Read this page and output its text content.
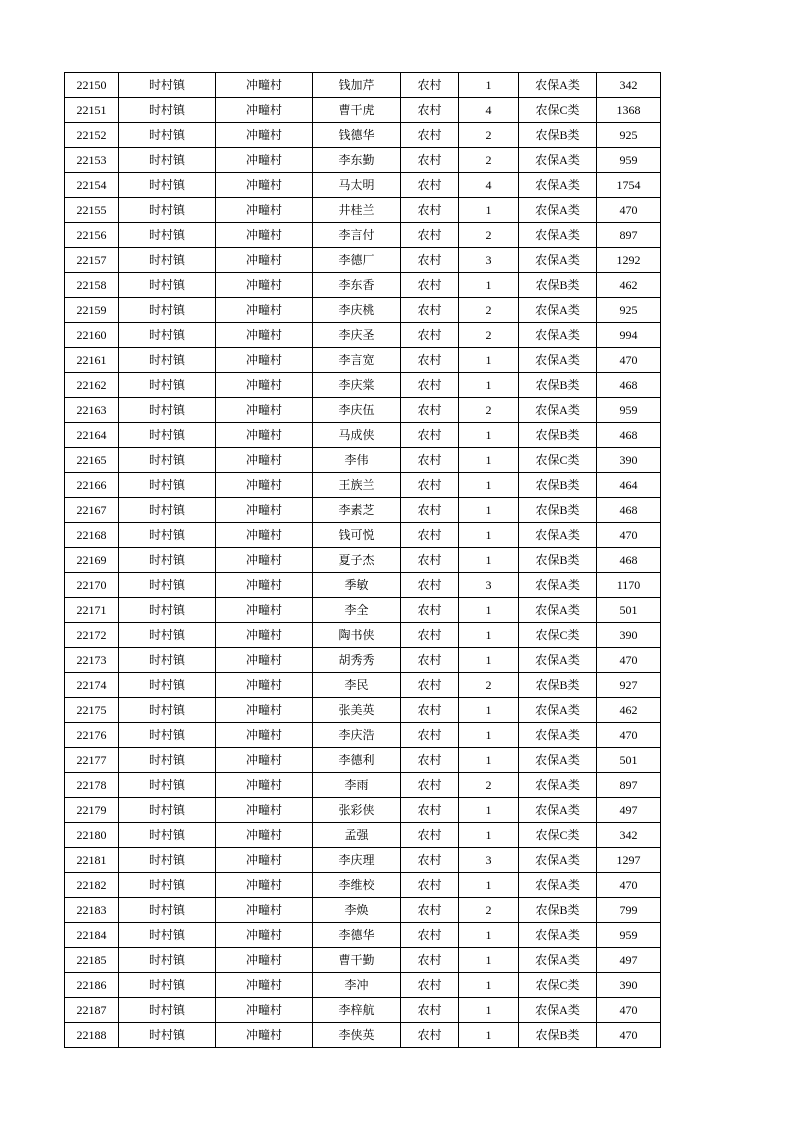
22150	时村镇	冲疃村	钱加芹	农村	1	农保A类	342
22151	时村镇	冲疃村	曹干虎	农村	4	农保C类	1368
22152	时村镇	冲疃村	钱德华	农村	2	农保B类	925
22153	时村镇	冲疃村	李东勤	农村	2	农保A类	959
22154	时村镇	冲疃村	马太明	农村	4	农保A类	1754
22155	时村镇	冲疃村	井桂兰	农村	1	农保A类	470
22156	时村镇	冲疃村	李言付	农村	2	农保A类	897
22157	时村镇	冲疃村	李德厂	农村	3	农保A类	1292
22158	时村镇	冲疃村	李东香	农村	1	农保B类	462
22159	时村镇	冲疃村	李庆桃	农村	2	农保A类	925
22160	时村镇	冲疃村	李庆圣	农村	2	农保A类	994
22161	时村镇	冲疃村	李言宽	农村	1	农保A类	470
22162	时村镇	冲疃村	李庆棠	农村	1	农保B类	468
22163	时村镇	冲疃村	李庆伍	农村	2	农保A类	959
22164	时村镇	冲疃村	马成侠	农村	1	农保B类	468
22165	时村镇	冲疃村	李伟	农村	1	农保C类	390
22166	时村镇	冲疃村	王族兰	农村	1	农保B类	464
22167	时村镇	冲疃村	李素芝	农村	1	农保B类	468
22168	时村镇	冲疃村	钱可悦	农村	1	农保A类	470
22169	时村镇	冲疃村	夏子杰	农村	1	农保B类	468
22170	时村镇	冲疃村	季敏	农村	3	农保A类	1170
22171	时村镇	冲疃村	李全	农村	1	农保A类	501
22172	时村镇	冲疃村	陶书侠	农村	1	农保C类	390
22173	时村镇	冲疃村	胡秀秀	农村	1	农保A类	470
22174	时村镇	冲疃村	李民	农村	2	农保B类	927
22175	时村镇	冲疃村	张美英	农村	1	农保A类	462
22176	时村镇	冲疃村	李庆浩	农村	1	农保A类	470
22177	时村镇	冲疃村	李德利	农村	1	农保A类	501
22178	时村镇	冲疃村	李雨	农村	2	农保A类	897
22179	时村镇	冲疃村	张彩侠	农村	1	农保A类	497
22180	时村镇	冲疃村	孟强	农村	1	农保C类	342
22181	时村镇	冲疃村	李庆理	农村	3	农保A类	1297
22182	时村镇	冲疃村	李维校	农村	1	农保A类	470
22183	时村镇	冲疃村	李焕	农村	2	农保B类	799
22184	时村镇	冲疃村	李德华	农村	1	农保A类	959
22185	时村镇	冲疃村	曹干勤	农村	1	农保A类	497
22186	时村镇	冲疃村	李冲	农村	1	农保C类	390
22187	时村镇	冲疃村	李梓航	农村	1	农保A类	470
22188	时村镇	冲疃村	李侠英	农村	1	农保B类	470
